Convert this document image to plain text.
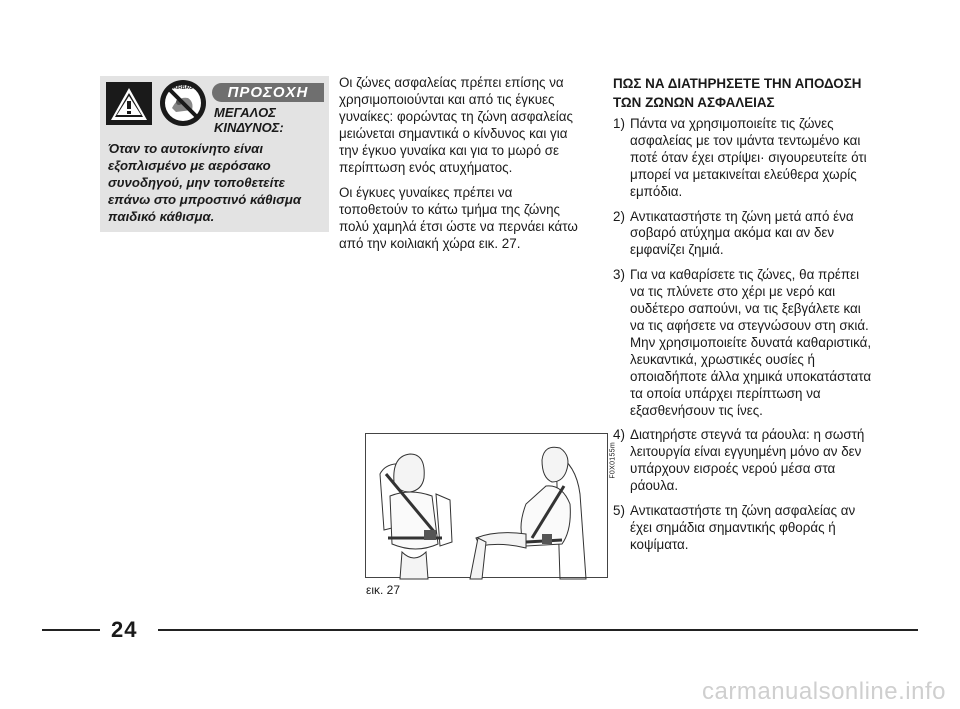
AIRBAG	ΠΡΟΣΟΧΗ
ΜΕΓΑΛΟΣ ΚΙΝΔΥΝΟΣ:
Όταν το αυτοκίνητο είναι εξοπλισμένο με αερόσακο συνοδηγού, μην τοποθετείτε επάνω στο μπροστινό κάθισμα παιδικό κάθισμα.

Οι ζώνες ασφαλείας πρέπει επίσης να χρησιμοποιούνται και από τις έγκυες γυναίκες: φορώντας τη ζώνη ασφαλείας μειώνεται σημαντικά ο κίνδυνος και για την έγκυο γυναίκα και για το μωρό σε περίπτωση ενός ατυχήματος.

Οι έγκυες γυναίκες πρέπει να τοποθετούν το κάτω τμήμα της ζώνης πολύ χαμηλά έτσι ώστε να περνάει κάτω από την κοιλιακή χώρα εικ. 27.

F0X0155m
εικ. 27
ΠΩΣ ΝΑ ΔΙΑΤΗΡΗΣΕΤΕ ΤΗΝ ΑΠΟΔΟΣΗ ΤΩΝ ΖΩΝΩΝ ΑΣΦΑΛΕΙΑΣ
1) Πάντα να χρησιμοποιείτε τις ζώνες ασφαλείας με τον ιμάντα τεντωμένο και ποτέ όταν έχει στρίψει· σιγουρευτείτε ότι μπορεί να μετακινείται ελεύθερα χωρίς εμπόδια.
2) Αντικαταστήστε τη ζώνη μετά από ένα σοβαρό ατύχημα ακόμα και αν δεν εμφανίζει ζημιά.
3) Για να καθαρίσετε τις ζώνες, θα πρέπει να τις πλύνετε στο χέρι με νερό και ουδέτερο σαπούνι, να τις ξεβγάλετε και να τις αφήσετε να στεγνώσουν στη σκιά. Μην χρησιμοποιείτε δυνατά καθαριστικά, λευκαντικά, χρωστικές ουσίες ή οποιαδήποτε άλλα χημικά υποκατάστατα τα οποία υπάρχει περίπτωση να εξασθενήσουν τις ίνες.
4) Διατηρήστε στεγνά τα ράουλα: η σωστή λειτουργία είναι εγγυημένη μόνο αν δεν υπάρχουν εισροές νερού μέσα στα ράουλα.
5) Αντικαταστήστε τη ζώνη ασφαλείας αν έχει σημάδια σημαντικής φθοράς ή κοψίματα.
24
carmanualsonline.info
